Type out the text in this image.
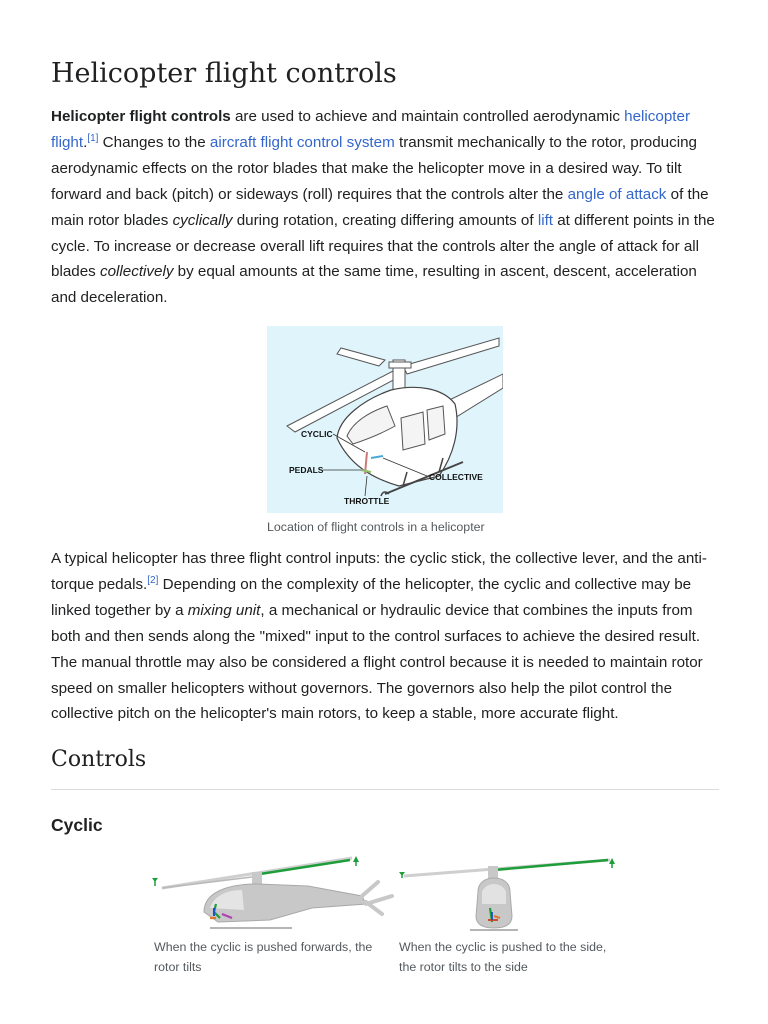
Helicopter flight controls

Helicopter flight controls are used to achieve and maintain controlled aerodynamic helicopter flight.[1] Changes to the aircraft flight control system transmit mechanically to the rotor, producing aerodynamic effects on the rotor blades that make the helicopter move in a desired way. To tilt forward and back (pitch) or sideways (roll) requires that the controls alter the angle of attack of the main rotor blades cyclically during rotation, creating differing amounts of lift at different points in the cycle. To increase or decrease overall lift requires that the controls alter the angle of attack for all blades collectively by equal amounts at the same time, resulting in ascent, descent, acceleration and deceleration.

CYCLIC
PEDALS
COLLECTIVE
THROTTLE
Location of flight controls in a helicopter

A typical helicopter has three flight control inputs: the cyclic stick, the collective lever, and the anti-torque pedals.[2] Depending on the complexity of the helicopter, the cyclic and collective may be linked together by a mixing unit, a mechanical or hydraulic device that combines the inputs from both and then sends along the "mixed" input to the control surfaces to achieve the desired result. The manual throttle may also be considered a flight control because it is needed to maintain rotor speed on smaller helicopters without governors. The governors also help the pilot control the collective pitch on the helicopter's main rotors, to keep a stable, more accurate flight.

Controls
Cyclic
When the cyclic is pushed forwards, the rotor tilts
When the cyclic is pushed to the side, the rotor tilts to the side
